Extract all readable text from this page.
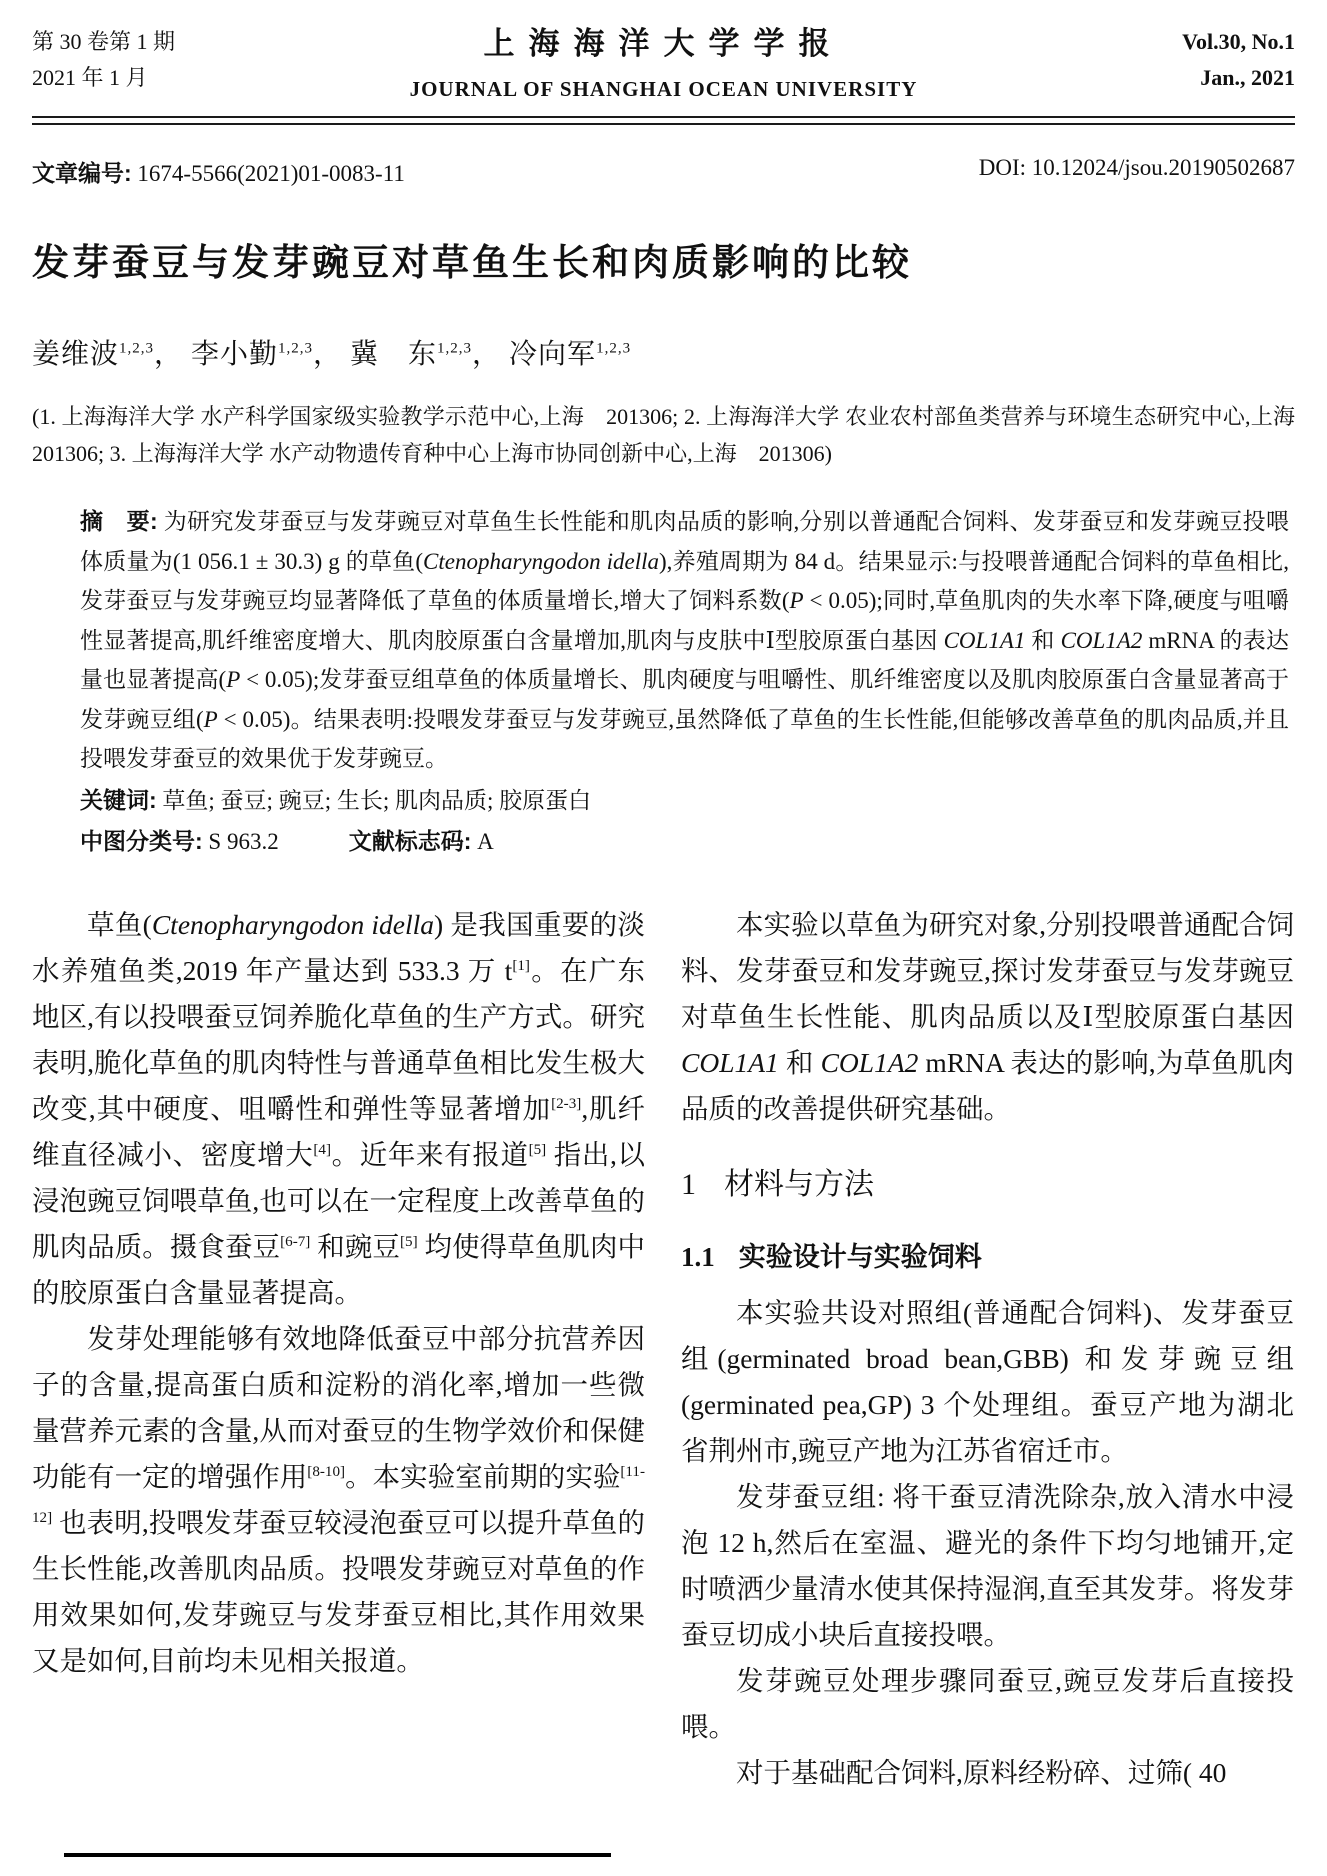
第 30 卷第 1 期
2021 年 1 月
上海海洋大学学报
JOURNAL OF SHANGHAI OCEAN UNIVERSITY
Vol.30, No.1
Jan., 2021
文章编号: 1674-5566(2021)01-0083-11	DOI: 10.12024/jsou.20190502687
发芽蚕豆与发芽豌豆对草鱼生长和肉质影响的比较
姜维波$^{1,2,3}$， 李小勤$^{1,2,3}$， 冀　东$^{1,2,3}$， 冷向军$^{1,2,3}$
(1. 上海海洋大学 水产科学国家级实验教学示范中心,上海　201306; 2. 上海海洋大学 农业农村部鱼类营养与环境生态研究中心,上海　201306; 3. 上海海洋大学 水产动物遗传育种中心上海市协同创新中心,上海　201306)
摘　要: 为研究发芽蚕豆与发芽豌豆对草鱼生长性能和肌肉品质的影响,分别以普通配合饲料、发芽蚕豆和发芽豌豆投喂体质量为(1 056.1 ± 30.3) g 的草鱼(Ctenopharyngodon idella),养殖周期为 84 d。结果显示:与投喂普通配合饲料的草鱼相比,发芽蚕豆与发芽豌豆均显著降低了草鱼的体质量增长,增大了饲料系数(P < 0.05);同时,草鱼肌肉的失水率下降,硬度与咀嚼性显著提高,肌纤维密度增大、肌肉胶原蛋白含量增加,肌肉与皮肤中Ⅰ型胶原蛋白基因 COL1A1 和 COL1A2 mRNA 的表达量也显著提高(P < 0.05);发芽蚕豆组草鱼的体质量增长、肌肉硬度与咀嚼性、肌纤维密度以及肌肉胶原蛋白含量显著高于发芽豌豆组(P < 0.05)。结果表明:投喂发芽蚕豆与发芽豌豆,虽然降低了草鱼的生长性能,但能够改善草鱼的肌肉品质,并且投喂发芽蚕豆的效果优于发芽豌豆。
关键词: 草鱼; 蚕豆; 豌豆; 生长; 肌肉品质; 胶原蛋白
中图分类号: S 963.2	文献标志码: A

草鱼(Ctenopharyngodon idella) 是我国重要的淡水养殖鱼类,2019 年产量达到 533.3 万 t[1]。在广东地区,有以投喂蚕豆饲养脆化草鱼的生产方式。研究表明,脆化草鱼的肌肉特性与普通草鱼相比发生极大改变,其中硬度、咀嚼性和弹性等显著增加[2-3],肌纤维直径减小、密度增大[4]。近年来有报道[5] 指出,以浸泡豌豆饲喂草鱼,也可以在一定程度上改善草鱼的肌肉品质。摄食蚕豆[6-7] 和豌豆[5] 均使得草鱼肌肉中的胶原蛋白含量显著提高。

发芽处理能够有效地降低蚕豆中部分抗营养因子的含量,提高蛋白质和淀粉的消化率,增加一些微量营养元素的含量,从而对蚕豆的生物学效价和保健功能有一定的增强作用[8-10]。本实验室前期的实验[11-12] 也表明,投喂发芽蚕豆较浸泡蚕豆可以提升草鱼的生长性能,改善肌肉品质。投喂发芽豌豆对草鱼的作用效果如何,发芽豌豆与发芽蚕豆相比,其作用效果又是如何,目前均未见相关报道。

本实验以草鱼为研究对象,分别投喂普通配合饲料、发芽蚕豆和发芽豌豆,探讨发芽蚕豆与发芽豌豆对草鱼生长性能、肌肉品质以及Ⅰ型胶原蛋白基因 COL1A1 和 COL1A2 mRNA 表达的影响,为草鱼肌肉品质的改善提供研究基础。

1 材料与方法
1.1 实验设计与实验饲料

本实验共设对照组(普通配合饲料)、发芽蚕豆组(germinated broad bean,GBB) 和发芽豌豆组(germinated pea,GP) 3 个处理组。蚕豆产地为湖北省荆州市,豌豆产地为江苏省宿迁市。

发芽蚕豆组: 将干蚕豆清洗除杂,放入清水中浸泡 12 h,然后在室温、避光的条件下均匀地铺开,定时喷洒少量清水使其保持湿润,直至其发芽。将发芽蚕豆切成小块后直接投喂。

发芽豌豆处理步骤同蚕豆,豌豆发芽后直接投喂。

对于基础配合饲料,原料经粉碎、过筛( 40
